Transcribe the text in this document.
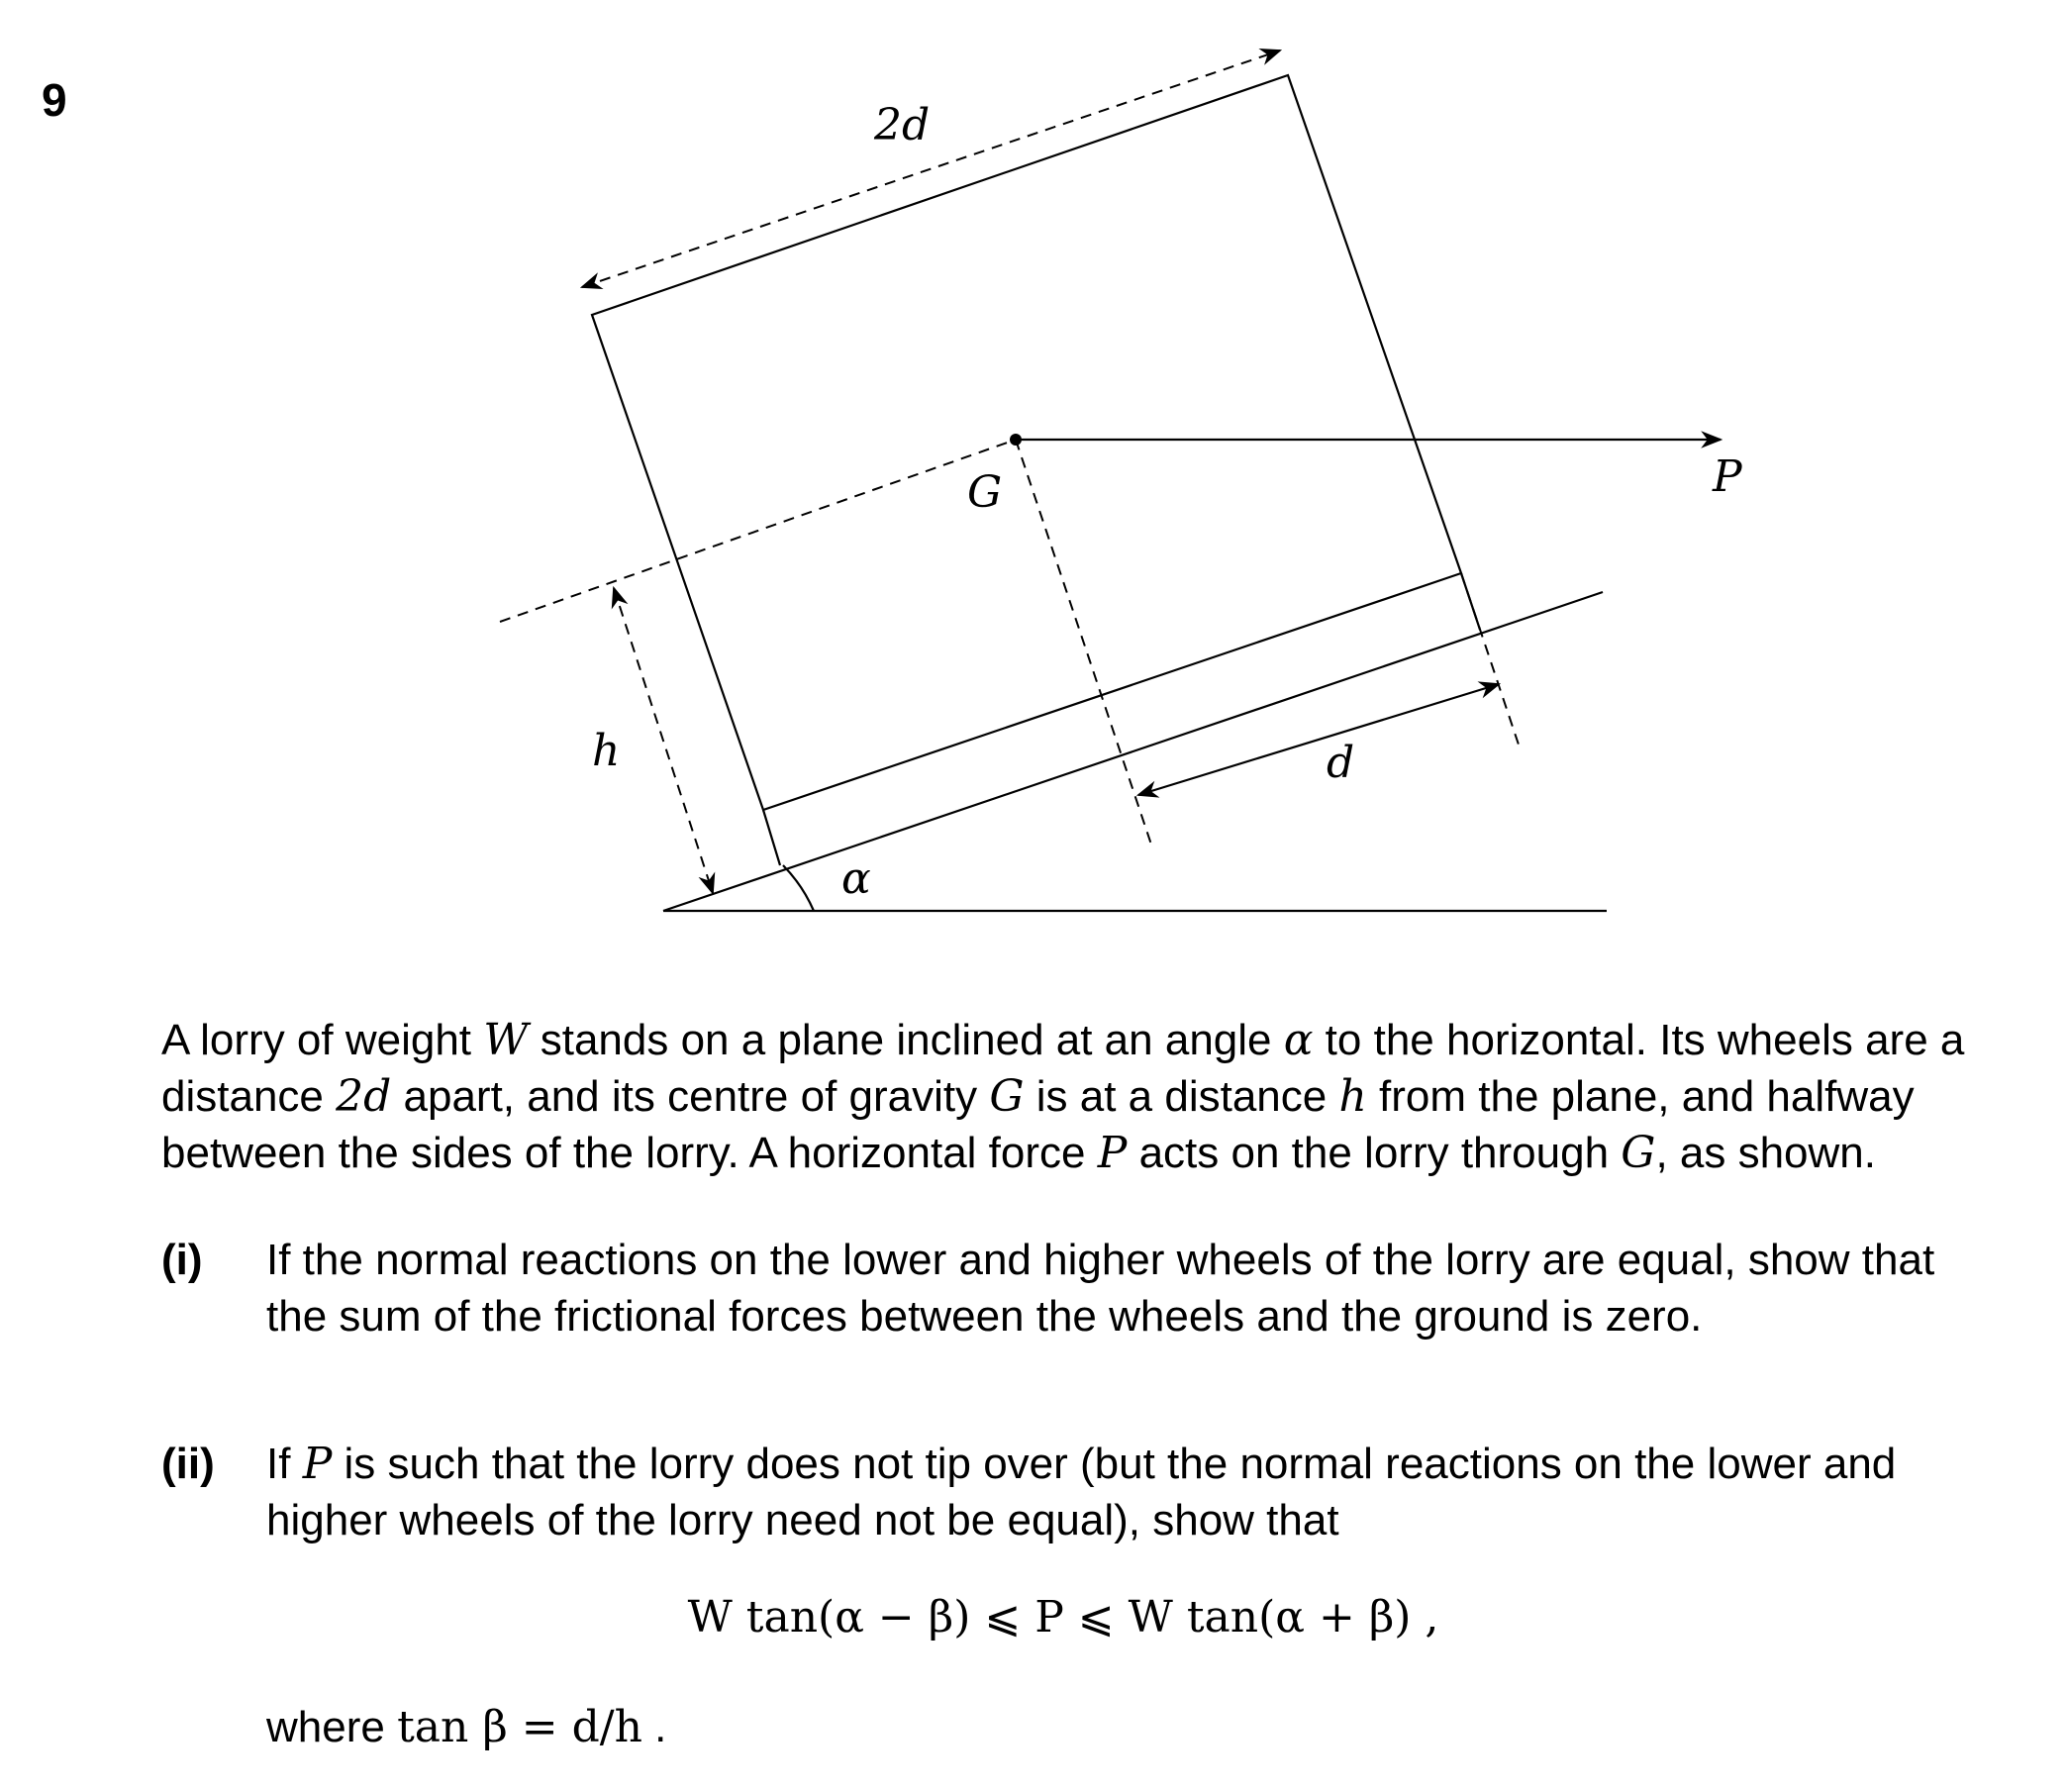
9	2d
G	P
h	d
α
A lorry of weight W stands on a plane inclined at an angle α to the horizontal. Its wheels are a distance 2d apart, and its centre of gravity G is at a distance h from the plane, and halfway between the sides of the lorry. A horizontal force P acts on the lorry through G, as shown.
(i) If the normal reactions on the lower and higher wheels of the lorry are equal, show that the sum of the frictional forces between the wheels and the ground is zero.
(ii) If P is such that the lorry does not tip over (but the normal reactions on the lower and higher wheels of the lorry need not be equal), show that
W tan(α − β) ⩽ P ⩽ W tan(α + β) ,
where tan β = d/h .
